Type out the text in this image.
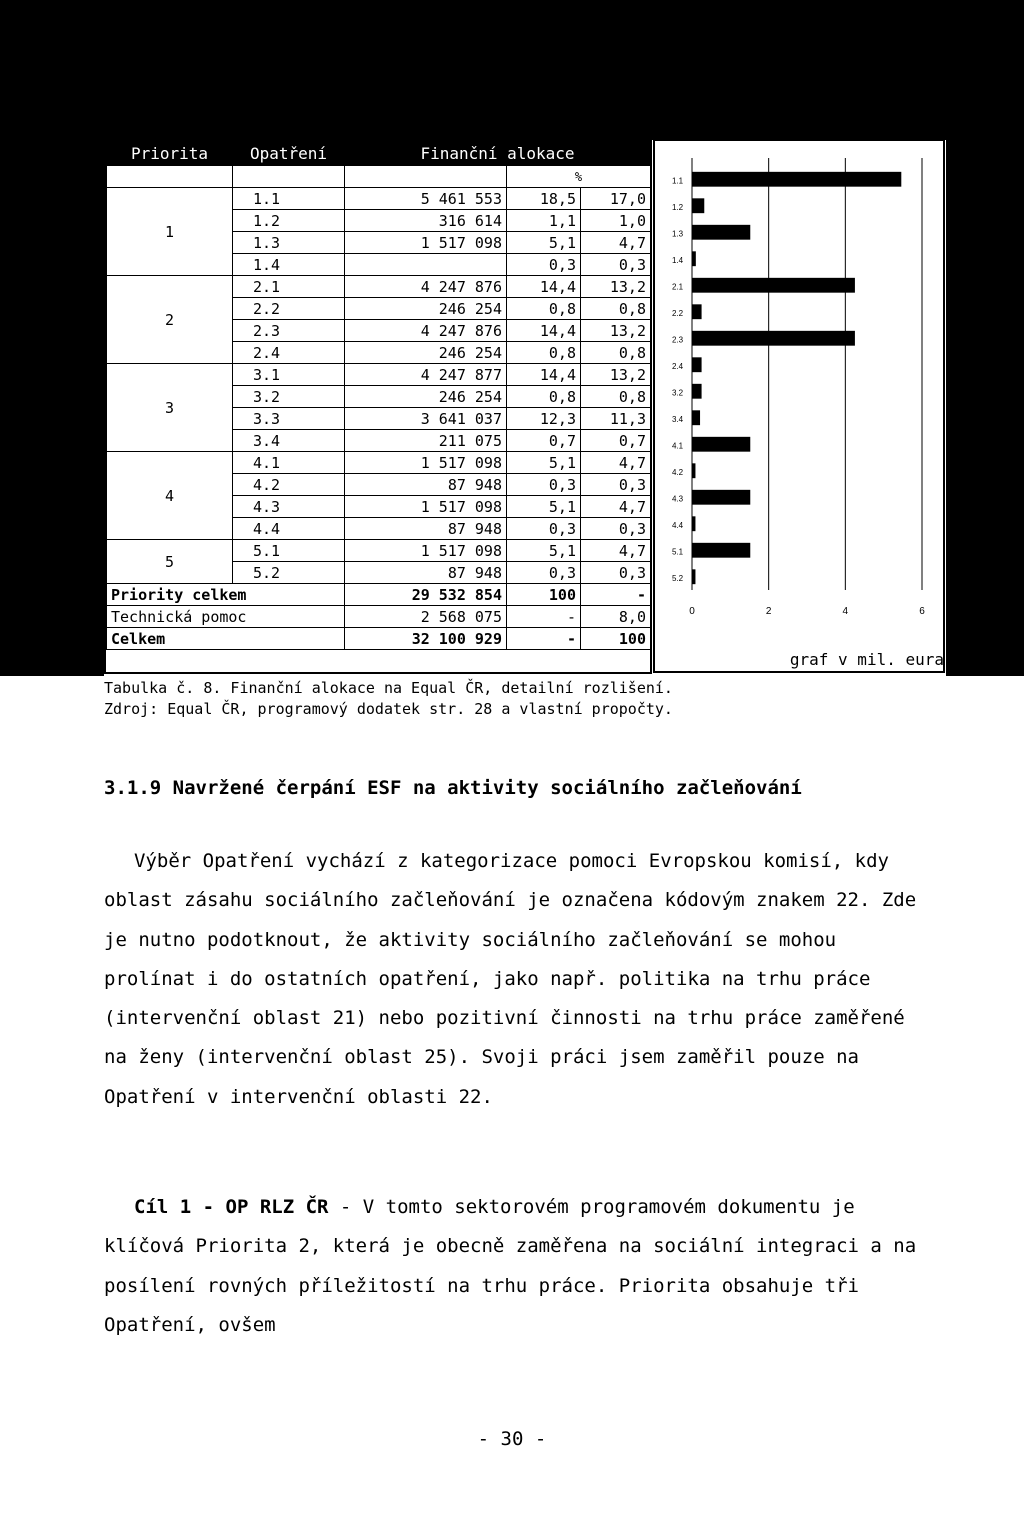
Priorita	Opatření	Finanční alokace		
			%	
1	1.1	5 461 553	18,5	17,0
	1.2	316 614	1,1	1,0
	1.3	1 517 098	5,1	4,7
	1.4		0,3	0,3
2	2.1	4 247 876	14,4	13,2
	2.2	246 254	0,8	0,8
	2.3	4 247 876	14,4	13,2
	2.4	246 254	0,8	0,8
3	3.1	4 247 877	14,4	13,2
	3.2	246 254	0,8	0,8
	3.3	3 641 037	12,3	11,3
	3.4	211 075	0,7	0,7
4	4.1	1 517 098	5,1	4,7
	4.2	87 948	0,3	0,3
	4.3	1 517 098	5,1	4,7
	4.4	87 948	0,3	0,3
5	5.1	1 517 098	5,1	4,7
	5.2	87 948	0,3	0,3
Priority celkem		29 532 854	100	-
Technická pomoc		2 568 075	-	8,0
Celkem		32 100 929	-	100
0	2	4	6
1.1
1.2
1.3
1.4
2.1
2.2
2.3
2.4
3.2
3.4
4.1
4.2
4.3
4.4
5.1
5.2
graf v mil. eura
Tabulka č. 8. Finanční alokace na Equal ČR, detailní rozlišení.
Zdroj: Equal ČR, programový dodatek str. 28 a vlastní propočty.
3.1.9 Navržené čerpání ESF na aktivity sociálního začleňování
Výběr Opatření vychází z kategorizace pomoci Evropskou komisí, kdy oblast zásahu sociálního začleňování je označena kódovým znakem 22. Zde je nutno podotknout, že aktivity sociálního začleňování se mohou prolínat i do ostatních opatření, jako např. politika na trhu práce (intervenční oblast 21) nebo pozitivní činnosti na trhu práce zaměřené na ženy (intervenční oblast 25). Svoji práci jsem zaměřil pouze na Opatření v intervenční oblasti 22.
Cíl 1 - OP RLZ ČR - V tomto sektorovém programovém dokumentu je klíčová Priorita 2, která je obecně zaměřena na sociální integraci a na posílení rovných příležitostí na trhu práce. Priorita obsahuje tři Opatření, ovšem
- 30 -
